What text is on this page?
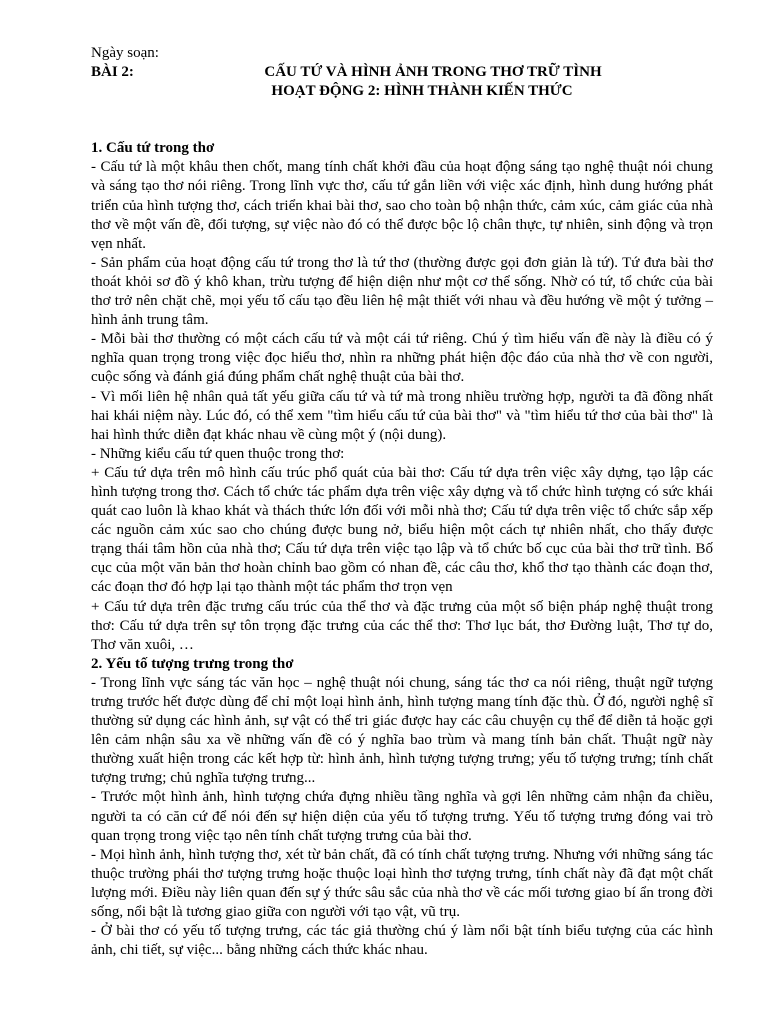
Ngày soạn:

BÀI 2:	CẤU TỨ VÀ HÌNH ẢNH TRONG THƠ TRỮ TÌNH

HOẠT ĐỘNG 2: HÌNH THÀNH KIẾN THỨC

1. Cấu tứ trong thơ

- Cấu tứ là một khâu then chốt, mang tính chất khởi đầu của hoạt động sáng tạo nghệ thuật nói chung và sáng tạo thơ nói riêng. Trong lĩnh vực thơ, cấu tứ gắn liền với việc xác định, hình dung hướng phát triển của hình tượng thơ, cách triển khai bài thơ, sao cho toàn bộ nhận thức, cảm xúc, cảm giác của nhà thơ về một vấn đề, đối tượng, sự việc nào đó có thể được bộc lộ chân thực, tự nhiên, sinh động và trọn vẹn nhất.

- Sản phẩm của hoạt động cấu tứ trong thơ là tứ thơ (thường được gọi đơn giản là tứ). Tứ đưa bài thơ thoát khỏi sơ đồ ý khô khan, trừu tượng để hiện diện như một cơ thể sống. Nhờ có tứ, tổ chức của bài thơ trở nên chặt chẽ, mọi yếu tố cấu tạo đều liên hệ mật thiết với nhau và đều hướng về một ý tưởng – hình ảnh trung tâm.

- Mỗi bài thơ thường có một cách cấu tứ và một cái tứ riêng. Chú ý tìm hiểu vấn đề này là điều có ý nghĩa quan trọng trong việc đọc hiểu thơ, nhìn ra những phát hiện độc đáo của nhà thơ về con người, cuộc sống và đánh giá đúng phẩm chất nghệ thuật của bài thơ.

- Vì mối liên hệ nhân quả tất yếu giữa cấu tứ và tứ mà trong nhiều trường hợp, người ta đã đồng nhất hai khái niệm này. Lúc đó, có thể xem "tìm hiểu cấu tứ của bài thơ" và "tìm hiểu tứ thơ của bài thơ" là hai hình thức diễn đạt khác nhau về cùng một ý (nội dung).

- Những kiểu cấu tứ quen thuộc trong thơ:

+ Cấu tứ dựa trên mô hình cấu trúc phổ quát của bài thơ: Cấu tứ dựa trên việc xây dựng, tạo lập các hình tượng trong thơ. Cách tổ chức tác phẩm dựa trên việc xây dựng và tổ chức hình tượng có sức khái quát cao luôn là khao khát và thách thức lớn đối với mỗi nhà thơ; Cấu tứ dựa trên việc tổ chức sắp xếp các nguồn cảm xúc sao cho chúng được bung nở, biểu hiện một cách tự nhiên nhất, cho thấy được trạng thái tâm hồn của nhà thơ; Cấu tứ dựa trên việc tạo lập và tổ chức bố cục của bài thơ trữ tình. Bố cục của một văn bản thơ hoàn chỉnh bao gồm có nhan đề, các câu thơ, khổ thơ tạo thành các đoạn thơ, các đoạn thơ đó hợp lại tạo thành một tác phẩm thơ trọn vẹn

+ Cấu tứ dựa trên đặc trưng cấu trúc của thể thơ và đặc trưng của một số biện pháp nghệ thuật trong thơ: Cấu tứ dựa trên sự tôn trọng đặc trưng của các thể thơ: Thơ lục bát, thơ Đường luật, Thơ tự do, Thơ văn xuôi, …

2. Yếu tố tượng trưng trong thơ

- Trong lĩnh vực sáng tác văn học – nghệ thuật nói chung, sáng tác thơ ca nói riêng, thuật ngữ tượng trưng trước hết được dùng để chỉ một loại hình ảnh, hình tượng mang tính đặc thù. Ở đó, người nghệ sĩ thường sử dụng các hình ảnh, sự vật có thể tri giác được hay các câu chuyện cụ thể để diễn tả hoặc gợi lên cảm nhận sâu xa về những vấn đề có ý nghĩa bao trùm và mang tính bản chất. Thuật ngữ này thường xuất hiện trong các kết hợp từ: hình ảnh, hình tượng tượng trưng; yếu tố tượng trưng; tính chất tượng trưng; chủ nghĩa tượng trưng...

- Trước một hình ảnh, hình tượng chứa đựng nhiều tầng nghĩa và gợi lên những cảm nhận đa chiều, người ta có căn cứ để nói đến sự hiện diện của yếu tố tượng trưng. Yếu tố tượng trưng đóng vai trò quan trọng trong việc tạo nên tính chất tượng trưng của bài thơ.

- Mọi hình ảnh, hình tượng thơ, xét từ bản chất, đã có tính chất tượng trưng. Nhưng với những sáng tác thuộc trường phái thơ tượng trưng hoặc thuộc loại hình thơ tượng trưng, tính chất này đã đạt một chất lượng mới. Điều này liên quan đến sự ý thức sâu sắc của nhà thơ về các mối tương giao bí ẩn trong đời sống, nổi bật là tương giao giữa con người với tạo vật, vũ trụ.

- Ở bài thơ có yếu tố tượng trưng, các tác giả thường chú ý làm nổi bật tính biểu tượng của các hình ảnh, chi tiết, sự việc... bằng những cách thức khác nhau.
